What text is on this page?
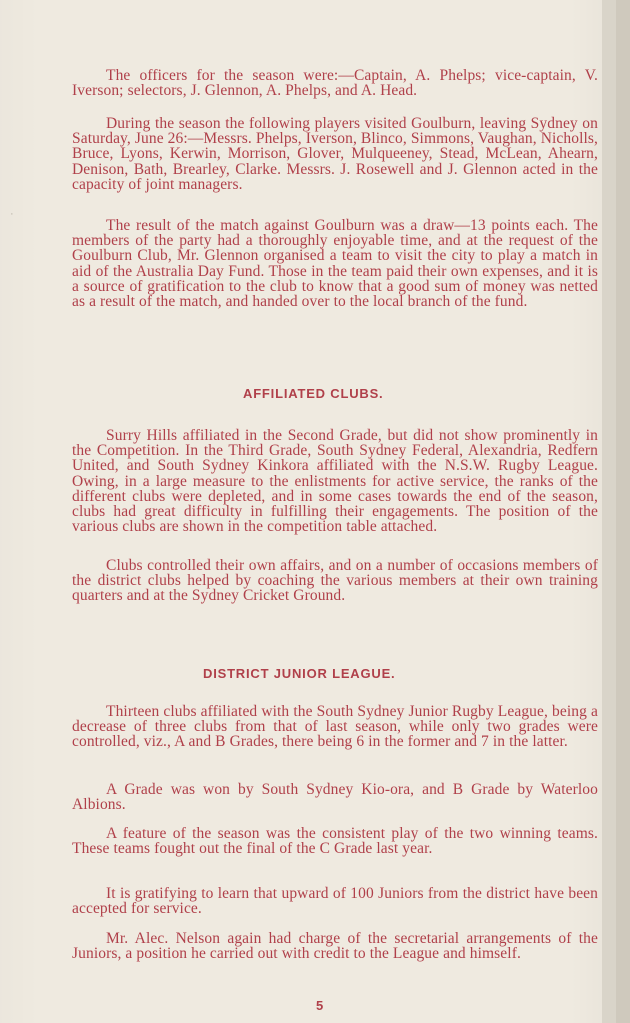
·

The officers for the season were:—Captain, A. Phelps; vice-captain, V. Iverson; selectors, J. Glennon, A. Phelps, and A. Head.

During the season the following players visited Goulburn, leaving Sydney on Saturday, June 26:—Messrs. Phelps, Iverson, Blinco, Simmons, Vaughan, Nicholls, Bruce, Lyons, Kerwin, Morrison, Glover, Mulqueeney, Stead, McLean, Ahearn, Denison, Bath, Brearley, Clarke. Messrs. J. Rosewell and J. Glennon acted in the capacity of joint managers.

The result of the match against Goulburn was a draw—13 points each. The members of the party had a thoroughly enjoyable time, and at the request of the Goulburn Club, Mr. Glennon organised a team to visit the city to play a match in aid of the Australia Day Fund. Those in the team paid their own expenses, and it is a source of gratification to the club to know that a good sum of money was netted as a result of the match, and handed over to the local branch of the fund.

AFFILIATED CLUBS.

Surry Hills affiliated in the Second Grade, but did not show prominently in the Competition. In the Third Grade, South Sydney Federal, Alexandria, Redfern United, and South Sydney Kinkora affiliated with the N.S.W. Rugby League. Owing, in a large measure to the enlistments for active service, the ranks of the different clubs were depleted, and in some cases towards the end of the season, clubs had great difficulty in fulfilling their engagements. The position of the various clubs are shown in the competition table attached.

Clubs controlled their own affairs, and on a number of occasions members of the district clubs helped by coaching the various members at their own training quarters and at the Sydney Cricket Ground.

DISTRICT JUNIOR LEAGUE.

Thirteen clubs affiliated with the South Sydney Junior Rugby League, being a decrease of three clubs from that of last season, while only two grades were controlled, viz., A and B Grades, there being 6 in the former and 7 in the latter.

A Grade was won by South Sydney Kio-ora, and B Grade by Waterloo Albions.

A feature of the season was the consistent play of the two winning teams. These teams fought out the final of the C Grade last year.

It is gratifying to learn that upward of 100 Juniors from the district have been accepted for service.

Mr. Alec. Nelson again had charge of the secretarial arrangements of the Juniors, a position he carried out with credit to the League and himself.

5
